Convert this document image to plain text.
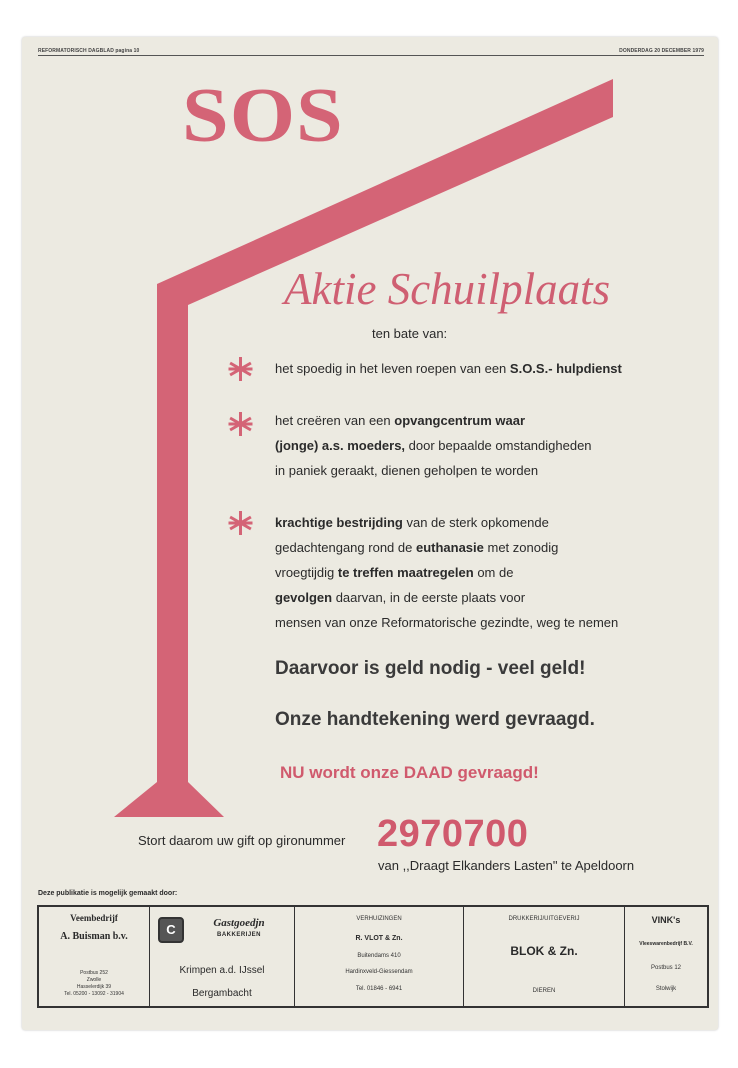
REFORMATORISCH DAGBLAD pagina 10	DONDERDAG 20 DECEMBER 1979
SOS
Aktie Schuilplaats
ten bate van:
het spoedig in het leven roepen van een S.O.S.- hulpdienst
het creëren van een opvangcentrum waar
(jonge) a.s. moeders, door bepaalde omstandigheden
in paniek geraakt, dienen geholpen te worden
krachtige bestrijding van de sterk opkomende
gedachtengang rond de euthanasie met zonodig
vroegtijdig te treffen maatregelen om de
gevolgen daarvan, in de eerste plaats voor
mensen van onze Reformatorische gezindte, weg te nemen
Daarvoor is geld nodig - veel geld!
Onze handtekening werd gevraagd.
NU wordt onze DAAD gevraagd!
Stort daarom uw gift op gironummer 2970700
van ,,Draagt Elkanders Lasten" te Apeldoorn
Deze publikatie is mogelijk gemaakt door:
Veembedrijf
A. Buisman b.v.
Postbus 252
Zwolle
Hasselerdijk 39
Tel. 05200 - 13092 - 31904
C	Gastgoedjn
BAKKERIJEN
Krimpen a.d. IJssel
Bergambacht
VERHUIZINGEN
R. VLOT & Zn.
Buitendams 410
Hardinxveld-Giessendam
Tel. 01846 - 6941
DRUKKERIJ/UITGEVERIJ
BLOK & Zn.
DIEREN
VINK's
Vleeswarenbedrijf B.V.
Postbus 12
Stolwijk
